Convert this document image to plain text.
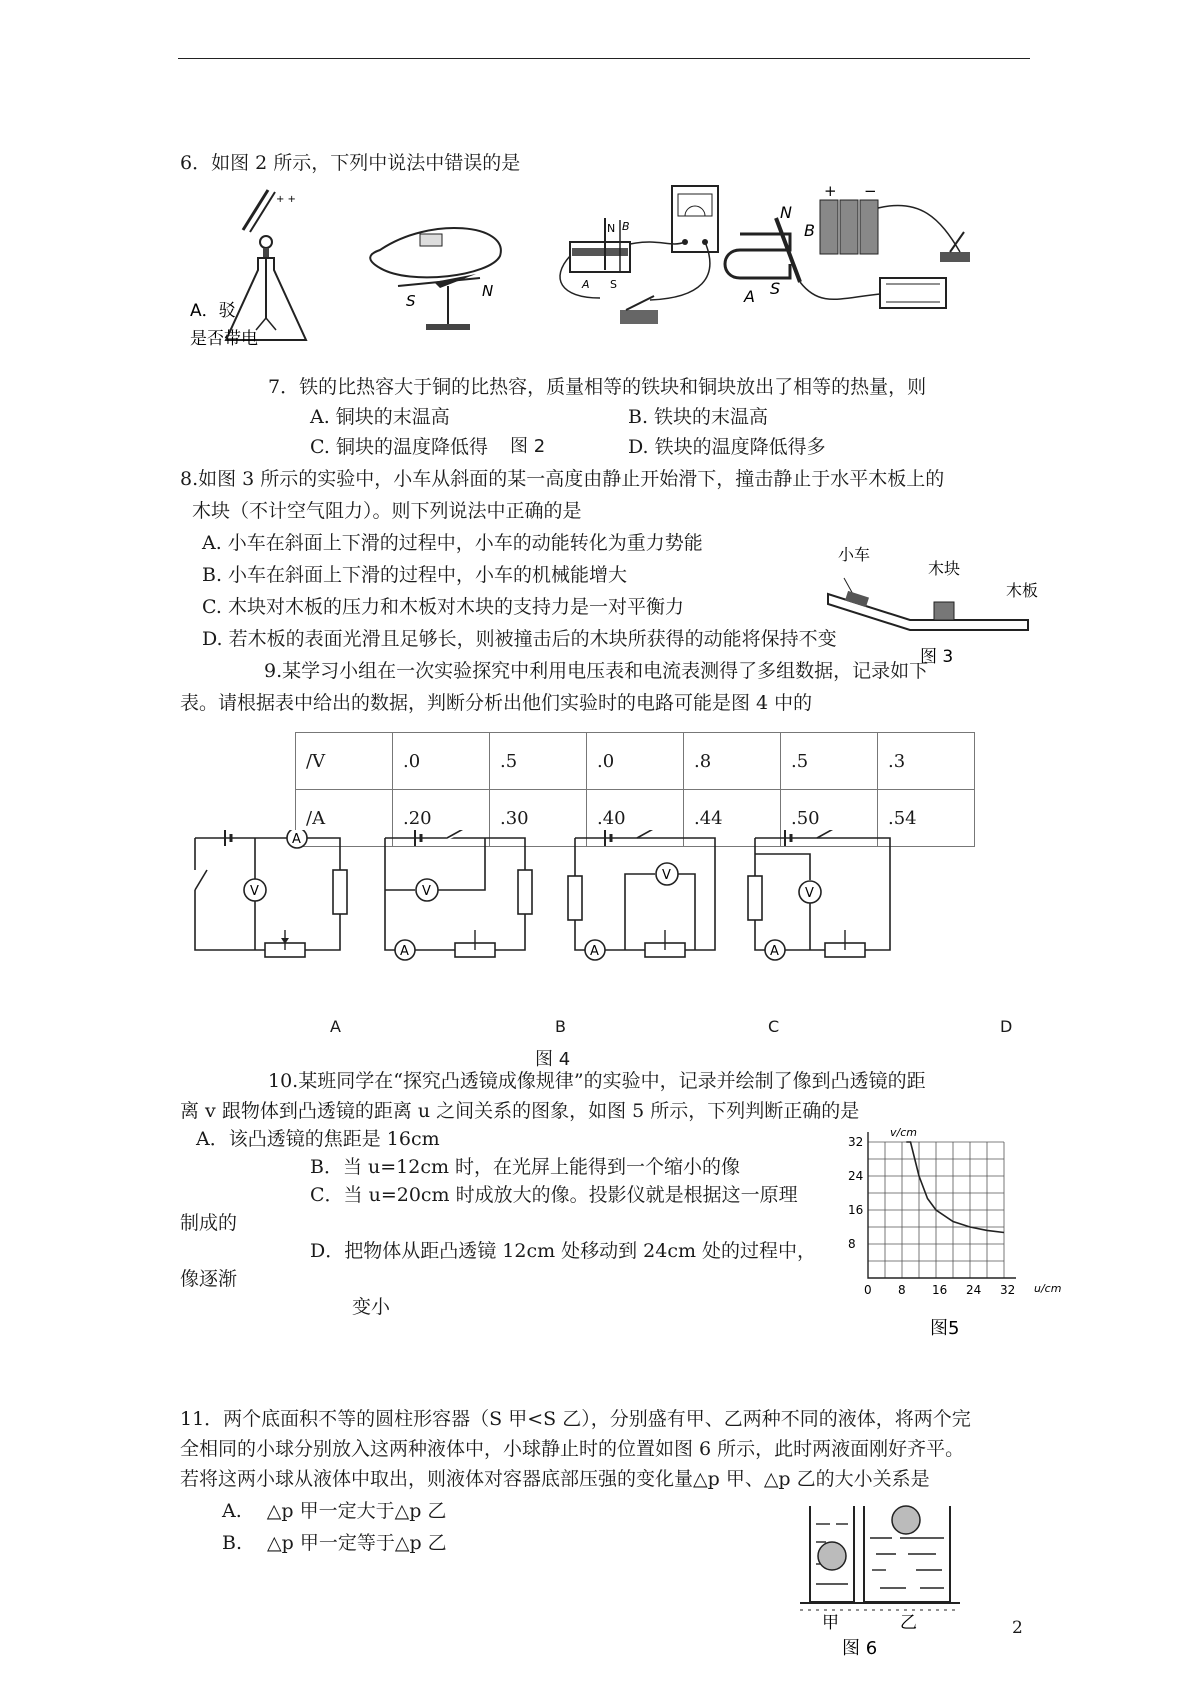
6．如图 2 所示，下列中说法中错误的是
+ +
A．驳
是否带电
S
N
N B
A S
N
B
A S
+ −
7．铁的比热容大于铜的比热容，质量相等的铁块和铜块放出了相等的热量，则
A. 铜块的末温高	B. 铁块的末温高
C. 铜块的温度降低得 图 2	D. 铁块的温度降低得多
8.如图 3 所示的实验中，小车从斜面的某一高度由静止开始滑下，撞击静止于水平木板上的
木块（不计空气阻力）。则下列说法中正确的是
A. 小车在斜面上下滑的过程中，小车的动能转化为重力势能
B. 小车在斜面上下滑的过程中，小车的机械能增大
C. 木块对木板的压力和木板对木块的支持力是一对平衡力
D. 若木板的表面光滑且足够长，则被撞击后的木块所获得的动能将保持不变
小车
木块
木板
图 3
9.某学习小组在一次实验探究中利用电压表和电流表测得了多组数据，记录如下
表。请根据表中给出的数据，判断分析出他们实验时的电路可能是图 4 中的
/V	.0	.5	.0	.8	.5	.3
/A	.20	.30	.40	.44	.50	.54
A
V
A
V
A
V
A
V
A	B	C	D
图 4
10.某班同学在“探究凸透镜成像规律”的实验中，记录并绘制了像到凸透镜的距
离 v 跟物体到凸透镜的距离 u 之间关系的图象，如图 5 所示，下列判断正确的是
A．该凸透镜的焦距是 16cm
B．当 u=12cm 时，在光屏上能得到一个缩小的像
C．当 u=20cm 时成放大的像。投影仪就是根据这一原理
制成的
D．把物体从距凸透镜 12cm 处移动到 24cm 处的过程中，
像逐渐
变小
0 8 16 24 32
8
16
24
32
v/cm
u/cm
图5
11．两个底面积不等的圆柱形容器（S 甲<S 乙），分别盛有甲、乙两种不同的液体，将两个完
全相同的小球分别放入这两种液体中，小球静止时的位置如图 6 所示，此时两液面刚好齐平。
若将这两小球从液体中取出，则液体对容器底部压强的变化量△p 甲、△p 乙的大小关系是
A.　 △p 甲一定大于△p 乙
B.　 △p 甲一定等于△p 乙
甲	乙
图 6
2
